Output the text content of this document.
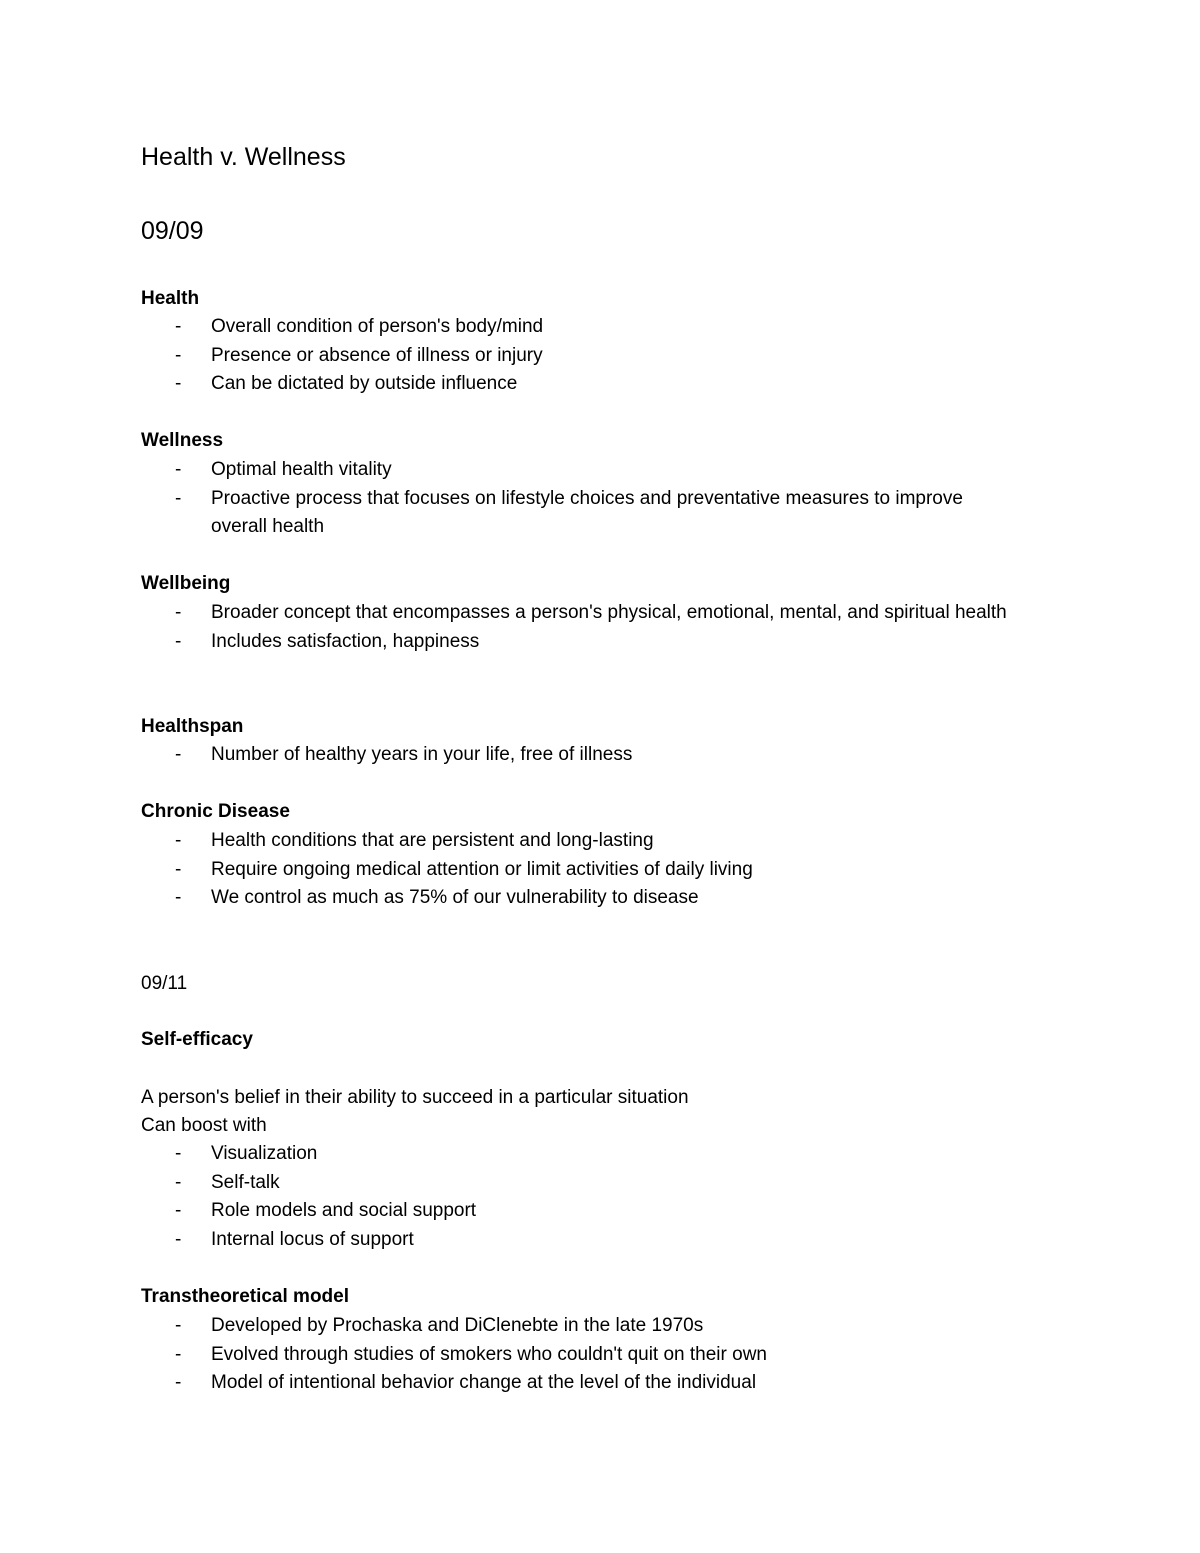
Health v. Wellness
09/09
Health
- Overall condition of person's body/mind
- Presence or absence of illness or injury
- Can be dictated by outside influence
Wellness
- Optimal health vitality
- Proactive process that focuses on lifestyle choices and preventative measures to improve overall health
Wellbeing
- Broader concept that encompasses a person's physical, emotional, mental, and spiritual health
- Includes satisfaction, happiness
Healthspan
- Number of healthy years in your life, free of illness
Chronic Disease
- Health conditions that are persistent and long-lasting
- Require ongoing medical attention or limit activities of daily living
- We control as much as 75% of our vulnerability to disease
09/11
Self-efficacy
A person's belief in their ability to succeed in a particular situation
Can boost with
- Visualization
- Self-talk
- Role models and social support
- Internal locus of support
Transtheoretical model
- Developed by Prochaska and DiClenebte in the late 1970s
- Evolved through studies of smokers who couldn't quit on their own
- Model of intentional behavior change at the level of the individual
